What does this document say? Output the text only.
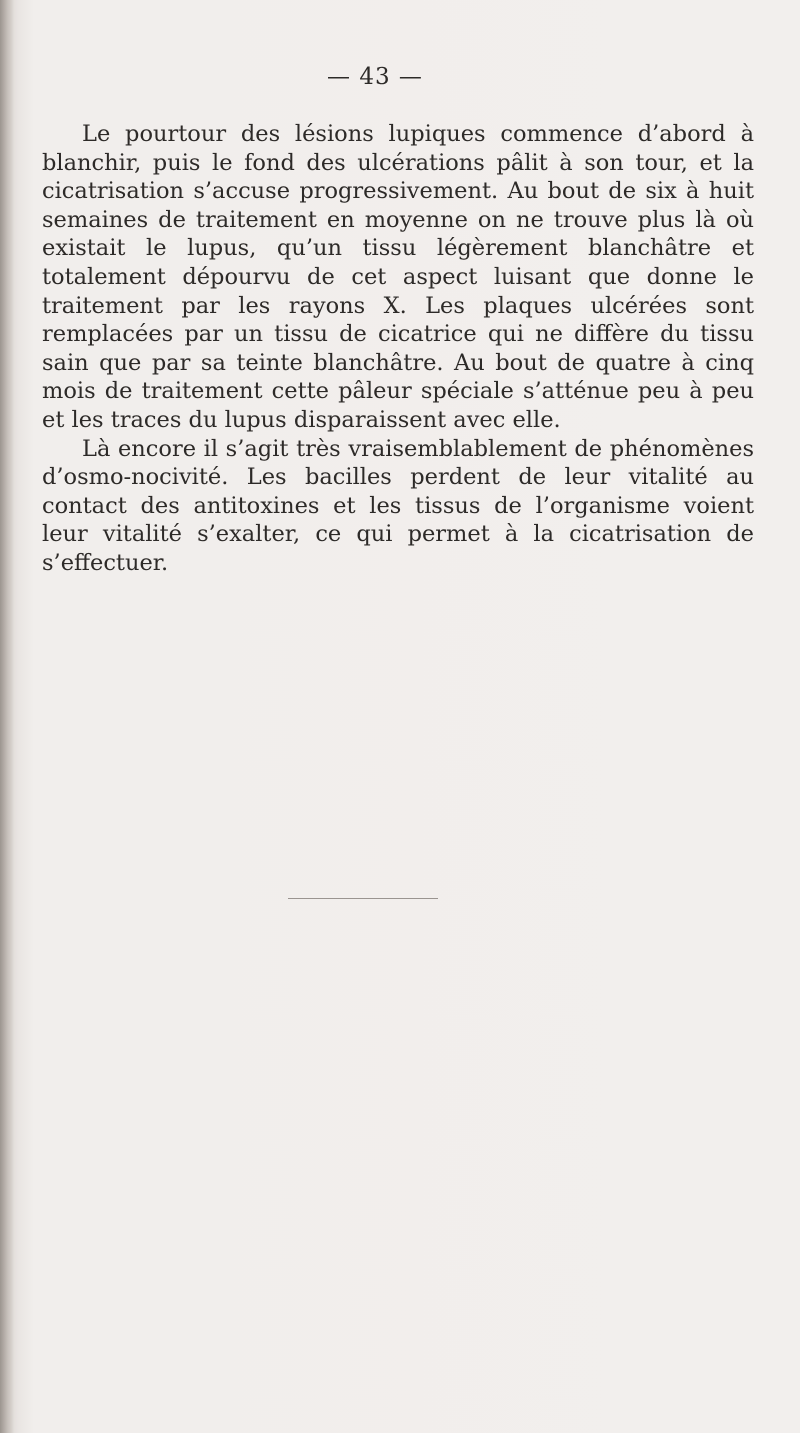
— 43 —

Le pourtour des lésions lupiques commence d’abord à blanchir, puis le fond des ulcérations pâlit à son tour, et la cicatrisation s’accuse progressivement. Au bout de six à huit semaines de traitement en moyenne on ne trouve plus là où existait le lupus, qu’un tissu légèrement blanchâtre et totalement dépourvu de cet aspect luisant que donne le traitement par les rayons X. Les plaques ulcérées sont remplacées par un tissu de cicatrice qui ne diffère du tissu sain que par sa teinte blanchâtre. Au bout de quatre à cinq mois de traitement cette pâleur spéciale s’atténue peu à peu et les traces du lupus disparaissent avec elle.

Là encore il s’agit très vraisemblablement de phénomènes d’osmo-nocivité. Les bacilles perdent de leur vitalité au contact des antitoxines et les tissus de l’organisme voient leur vitalité s’exalter, ce qui permet à la cicatrisation de s’effectuer.
